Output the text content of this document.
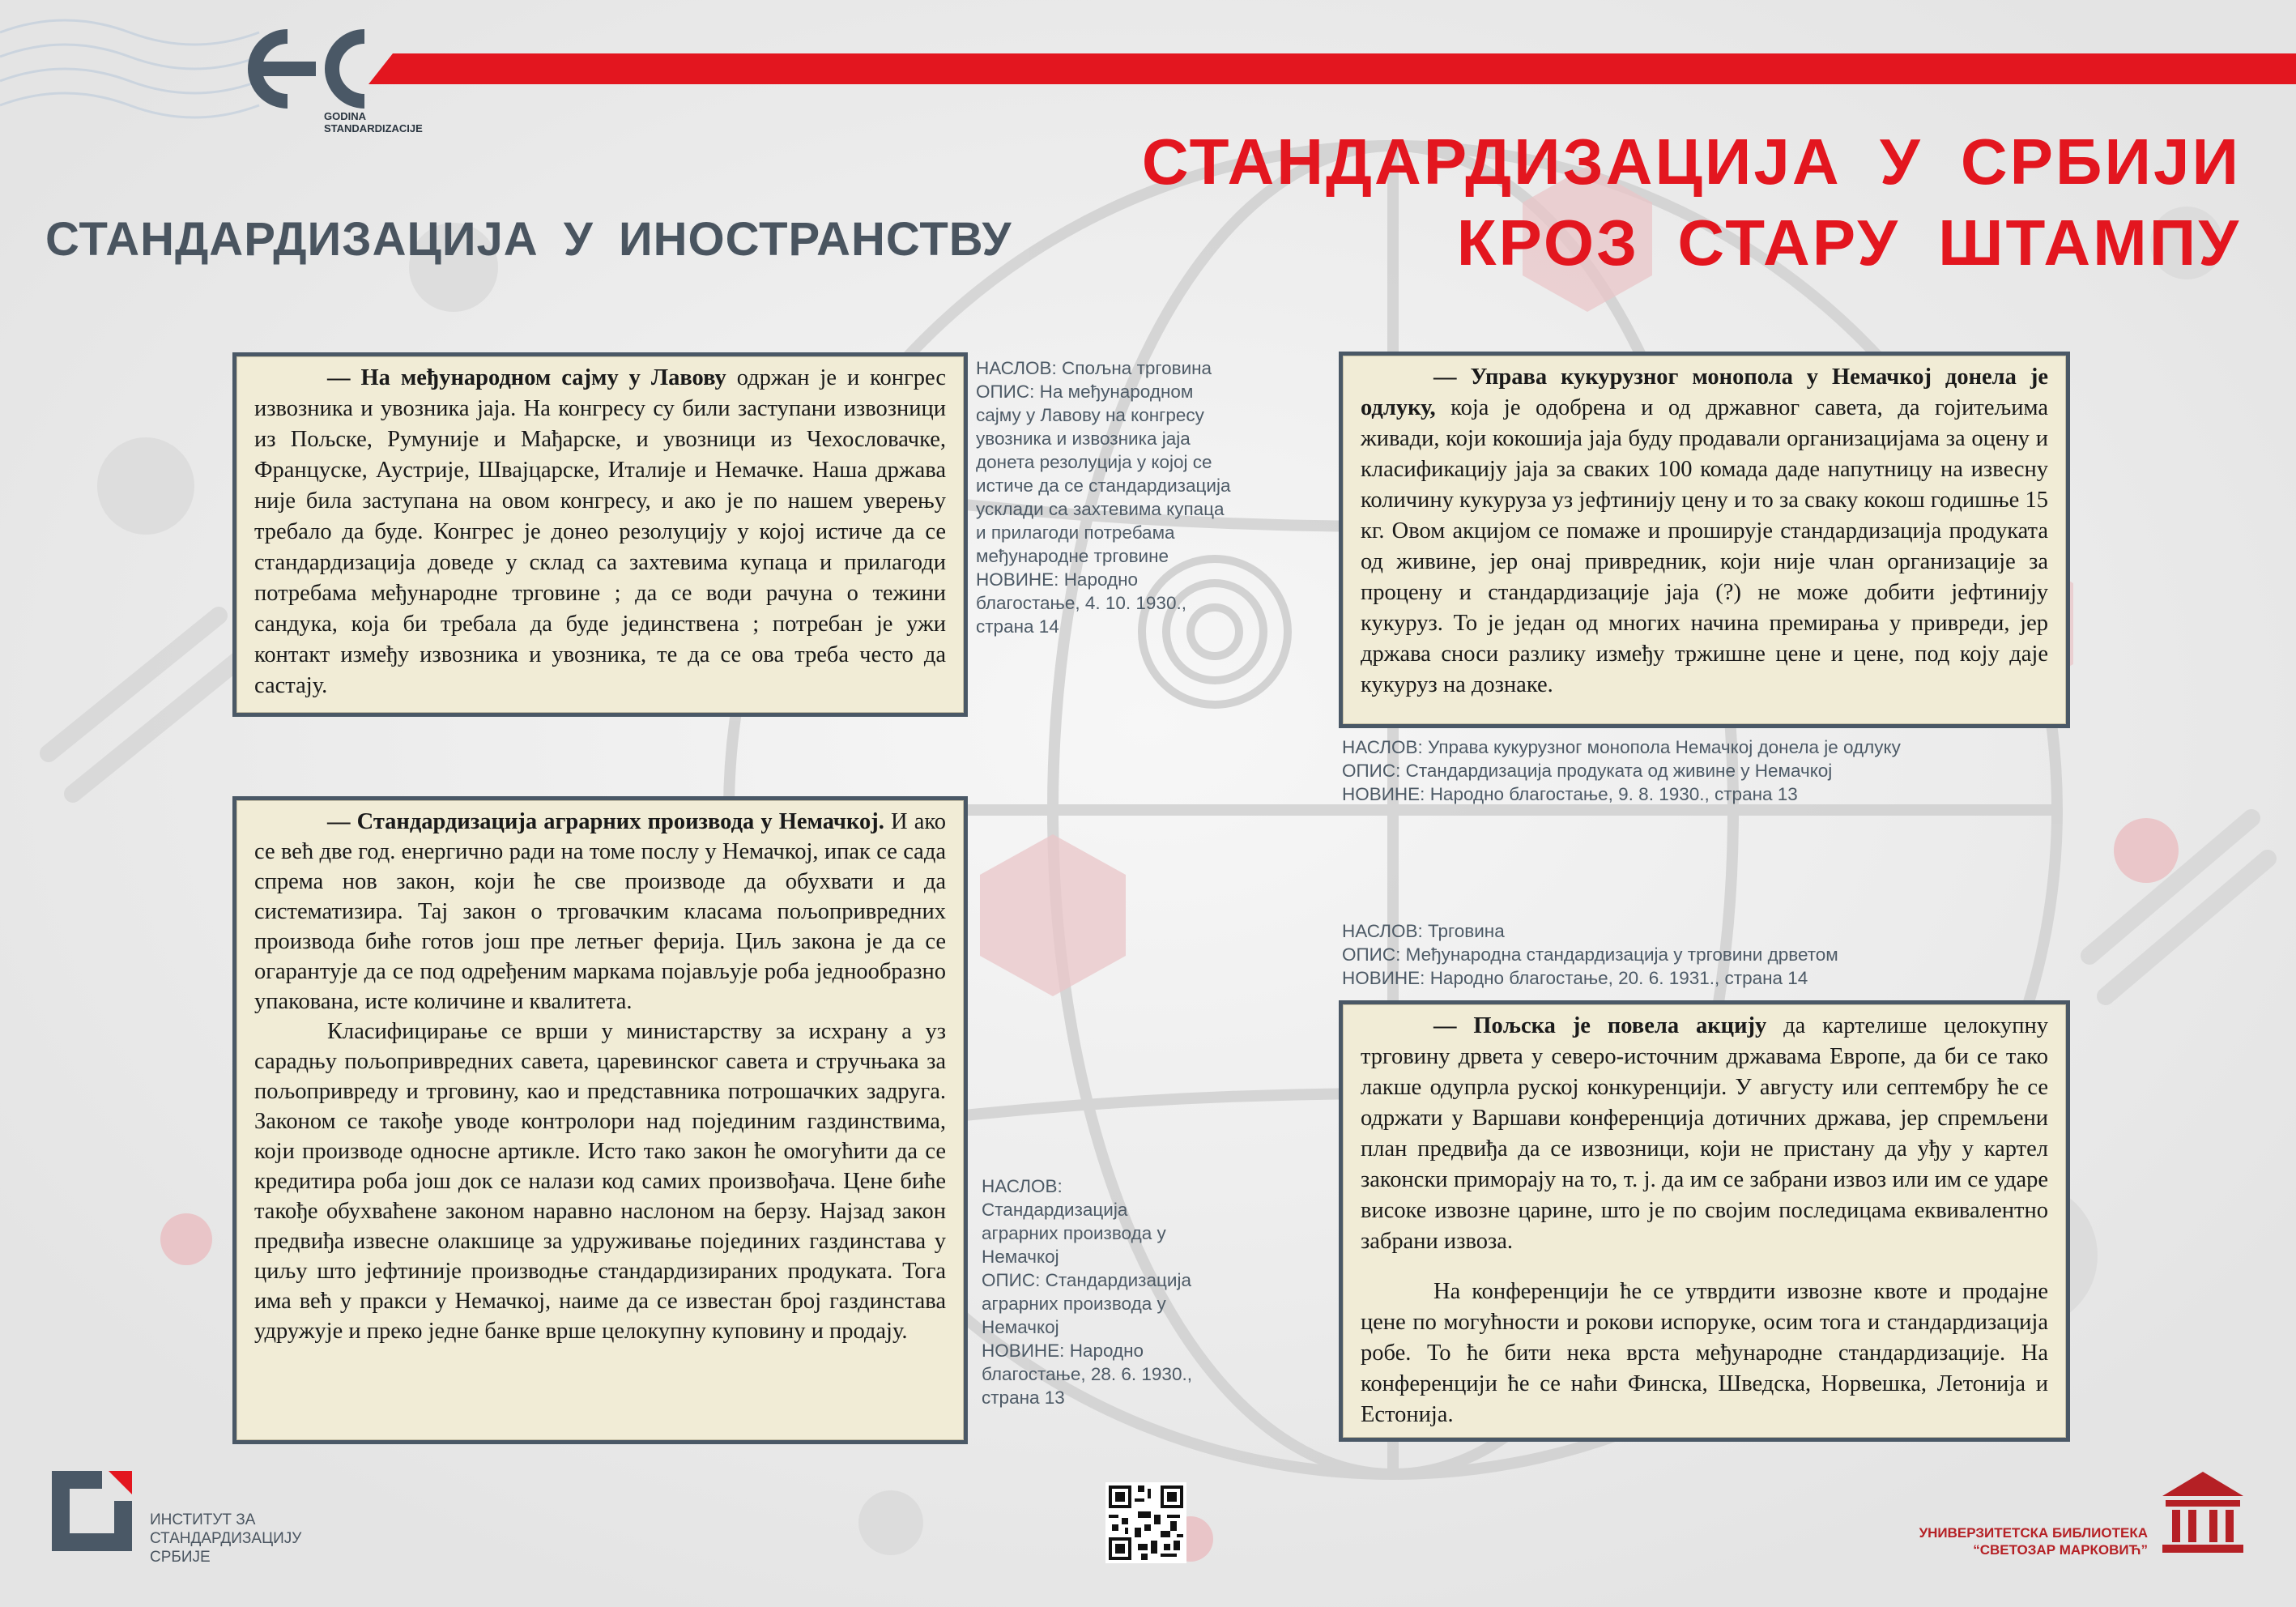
GODINA
STANDARDIZACIJE	СТАНДАРДИЗАЦИЈА У СРБИЈИ
КРОЗ СТАРУ ШТАМПУ
СТАНДАРДИЗАЦИЈА У ИНОСТРАНСТВУ

— На међународном сајму у Лавову одржан је и конгрес извозника и увозника јаја. На конгресу су били заступани извозници из Пољске, Румуније и Мађарске, и увозници из Чехословачке, Француске, Аустрије, Швајцарске, Италије и Немачке. Наша држава није била заступана на овом конгресу, и ако је по нашем уверењу требало да буде. Конгрес је донео резолуцију у којој истиче да се стандардизација доведе у склад са захтевима купаца и прилагоди потребама међународне трговине ; да се води рачуна о тежини сандука, која би требала да буде јединствена ; потребан је ужи контакт између извозника и увозника, те да се ова треба често да састају.

НАСЛОВ: Спољна трговина
ОПИС: На међународном сајму у Лавову на конгресу увозника и извозника јаја донета резолуција у којој се истиче да се стандардизација усклади са захтевима купаца и прилагоди потребама међународне трговине
НОВИНЕ: Народно благостање, 4. 10. 1930., страна 14

— Стандардизација аграрних производа у Немачкој. И ако се већ две год. енергично ради на томе послу у Немачкој, ипак се сада спрема нов закон, који ће све производе да обухвати и да систематизира. Тај закон о трговачким класама пољопривредних производа биће готов још пре летњег ферија. Циљ закона је да се огарантује да се под одређеним маркама појављује роба једнообразно упакована, исте количине и квалитета.

Класифицирање се врши у министарству за исхрану а уз сарадњу пољопривредних савета, царевинског савета и стручњака за пољопривреду и трговину, као и представника потрошачких задруга. Законом се такође уводе контролори над појединим газдинствима, који производе односне артикле. Исто тако закон ће омогућити да се кредитира роба још док се налази код самих произвођача. Цене биће такође обухваћене законом наравно наслоном на берзу. Најзад закон предвиђа извесне олакшице за удруживање појединих газдинстава у циљу што јефтиније производње стандардизираних продуката. Тога има већ у пракси у Немачкој, наиме да се известан број газдинстава удружује и преко једне банке врше целокупну куповину и продају.

НАСЛОВ: Стандардизација аграрних производа у Немачкој
ОПИС: Стандардизација аграрних производа у Немачкој
НОВИНЕ: Народно благостање, 28. 6. 1930., страна 13

— Управа кукурузног монопола у Немачкој донела је одлуку, која је одобрена и од државног савета, да гојитељима живади, који кокошија јаја буду продавали организацијама за оцену и класификацију јаја за сваких 100 комада даде напутницу на извесну количину кукуруза уз јефтинију цену и то за сваку кокош годишње 15 кг. Овом акцијом се помаже и проширује стандардизација продуката од живине, јер онај привредник, који није члан организације за процену и стандардизације јаја (?) не може добити јефтинију кукуруз. То је један од многих начина премирања у привреди, јер држава сноси разлику између тржишне цене и цене, под коју даје кукуруз на дознаке.

НАСЛОВ: Управа кукурузног монопола Немачкој донела је одлуку
ОПИС: Стандардизација продуката од живине у Немачкој
НОВИНЕ: Народно благостање, 9. 8. 1930., страна 13
НАСЛОВ: Трговина
ОПИС: Међународна стандардизација у трговини дрветом
НОВИНЕ: Народно благостање, 20. 6. 1931., страна 14

— Пољска је повела акцију да картелише целокупну трговину дрвета у северо-источним државама Европе, да би се тако лакше одупрла руској конкуренцији. У августу или септембру ће се одржати у Варшави конференција дотичних држава, јер спремљени план предвиђа да се извозници, који не пристану да уђу у картел законски приморају на то, т. ј. да им се забрани извоз или им се ударе високе извозне царине, што је по својим последицама еквивалентно забрани извоза.

На конференцији ће се утврдити извозне квоте и продајне цене по могућности и рокови испоруке, осим тога и стандардизација робе. То ће бити нека врста међународне стандардизације. На конференцији ће се наћи Финска, Шведска, Норвешка, Летонија и Естонија.

ИНСТИТУТ ЗА
СТАНДАРДИЗАЦИЈУ
СРБИЈЕ
УНИВЕРЗИТЕТСКА БИБЛИОТЕКА
“СВЕТОЗАР МАРКОВИЋ”
